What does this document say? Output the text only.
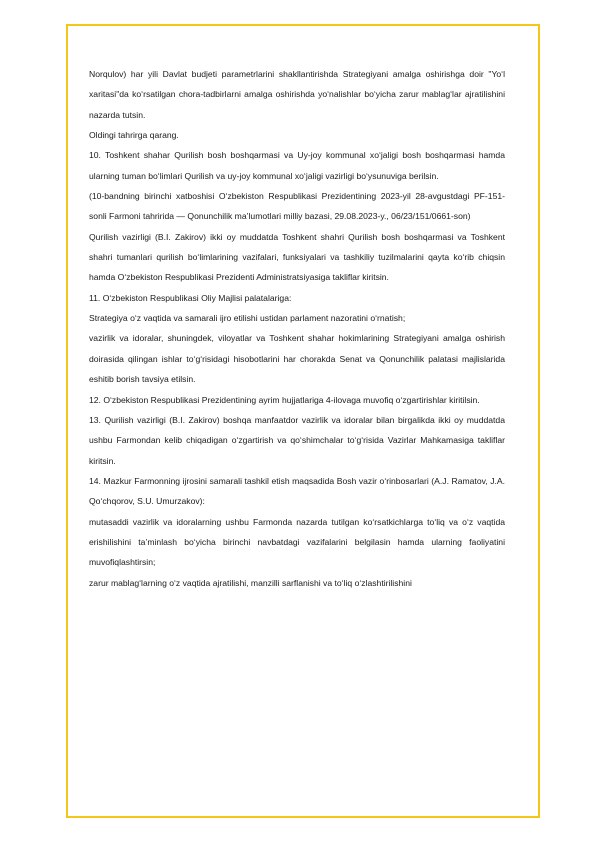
Norqulov) har yili Davlat budjeti parametrlarini shakllantirishda Strategiyani amalga oshirishga doir "Yo‘l xaritasi"da ko‘rsatilgan chora-tadbirlarni amalga oshirishda yo‘nalishlar bo‘yicha zarur mablag‘lar ajratilishini nazarda tutsin.

Oldingi tahrirga qarang.

10. Toshkent shahar Qurilish bosh boshqarmasi va Uy-joy kommunal xo‘jaligi bosh boshqarmasi hamda ularning tuman bo‘limlari Qurilish va uy-joy kommunal xo‘jaligi vazirligi bo‘ysunuviga berilsin.

(10-bandning birinchi xatboshisi O‘zbekiston Respublikasi Prezidentining 2023-yil 28-avgustdagi PF-151-sonli Farmoni tahririda — Qonunchilik ma’lumotlari milliy bazasi, 29.08.2023-y., 06/23/151/0661-son)

Qurilish vazirligi (B.I. Zakirov) ikki oy muddatda Toshkent shahri Qurilish bosh boshqarmasi va Toshkent shahri tumanlari qurilish bo‘limlarining vazifalari, funksiyalari va tashkiliy tuzilmalarini qayta ko‘rib chiqsin hamda O‘zbekiston Respublikasi Prezidenti Administratsiyasiga takliflar kiritsin.

11. O‘zbekiston Respublikasi Oliy Majlisi palatalariga:

Strategiya o‘z vaqtida va samarali ijro etilishi ustidan parlament nazoratini o‘rnatish;

vazirlik va idoralar, shuningdek, viloyatlar va Toshkent shahar hokimlarining Strategiyani amalga oshirish doirasida qilingan ishlar to‘g‘risidagi hisobotlarini har chorakda Senat va Qonunchilik palatasi majlislarida eshitib borish tavsiya etilsin.

12. O‘zbekiston Respublikasi Prezidentining ayrim hujjatlariga 4-ilovaga muvofiq o‘zgartirishlar kiritilsin.

13. Qurilish vazirligi (B.I. Zakirov) boshqa manfaatdor vazirlik va idoralar bilan birgalikda ikki oy muddatda ushbu Farmondan kelib chiqadigan o‘zgartirish va qo‘shimchalar to‘g‘risida Vazirlar Mahkamasiga takliflar kiritsin.

14. Mazkur Farmonning ijrosini samarali tashkil etish maqsadida Bosh vazir o‘rinbosarlari (A.J. Ramatov, J.A. Qo‘chqorov, S.U. Umurzakov):

mutasaddi vazirlik va idoralarning ushbu Farmonda nazarda tutilgan ko‘rsatkichlarga to‘liq va o‘z vaqtida erishilishini ta’minlash bo‘yicha birinchi navbatdagi vazifalarini belgilasin hamda ularning faoliyatini muvofiqlashtirsin;

zarur mablag‘larning o‘z vaqtida ajratilishi, manzilli sarflanishi va to‘liq o‘zlashtirilishini
